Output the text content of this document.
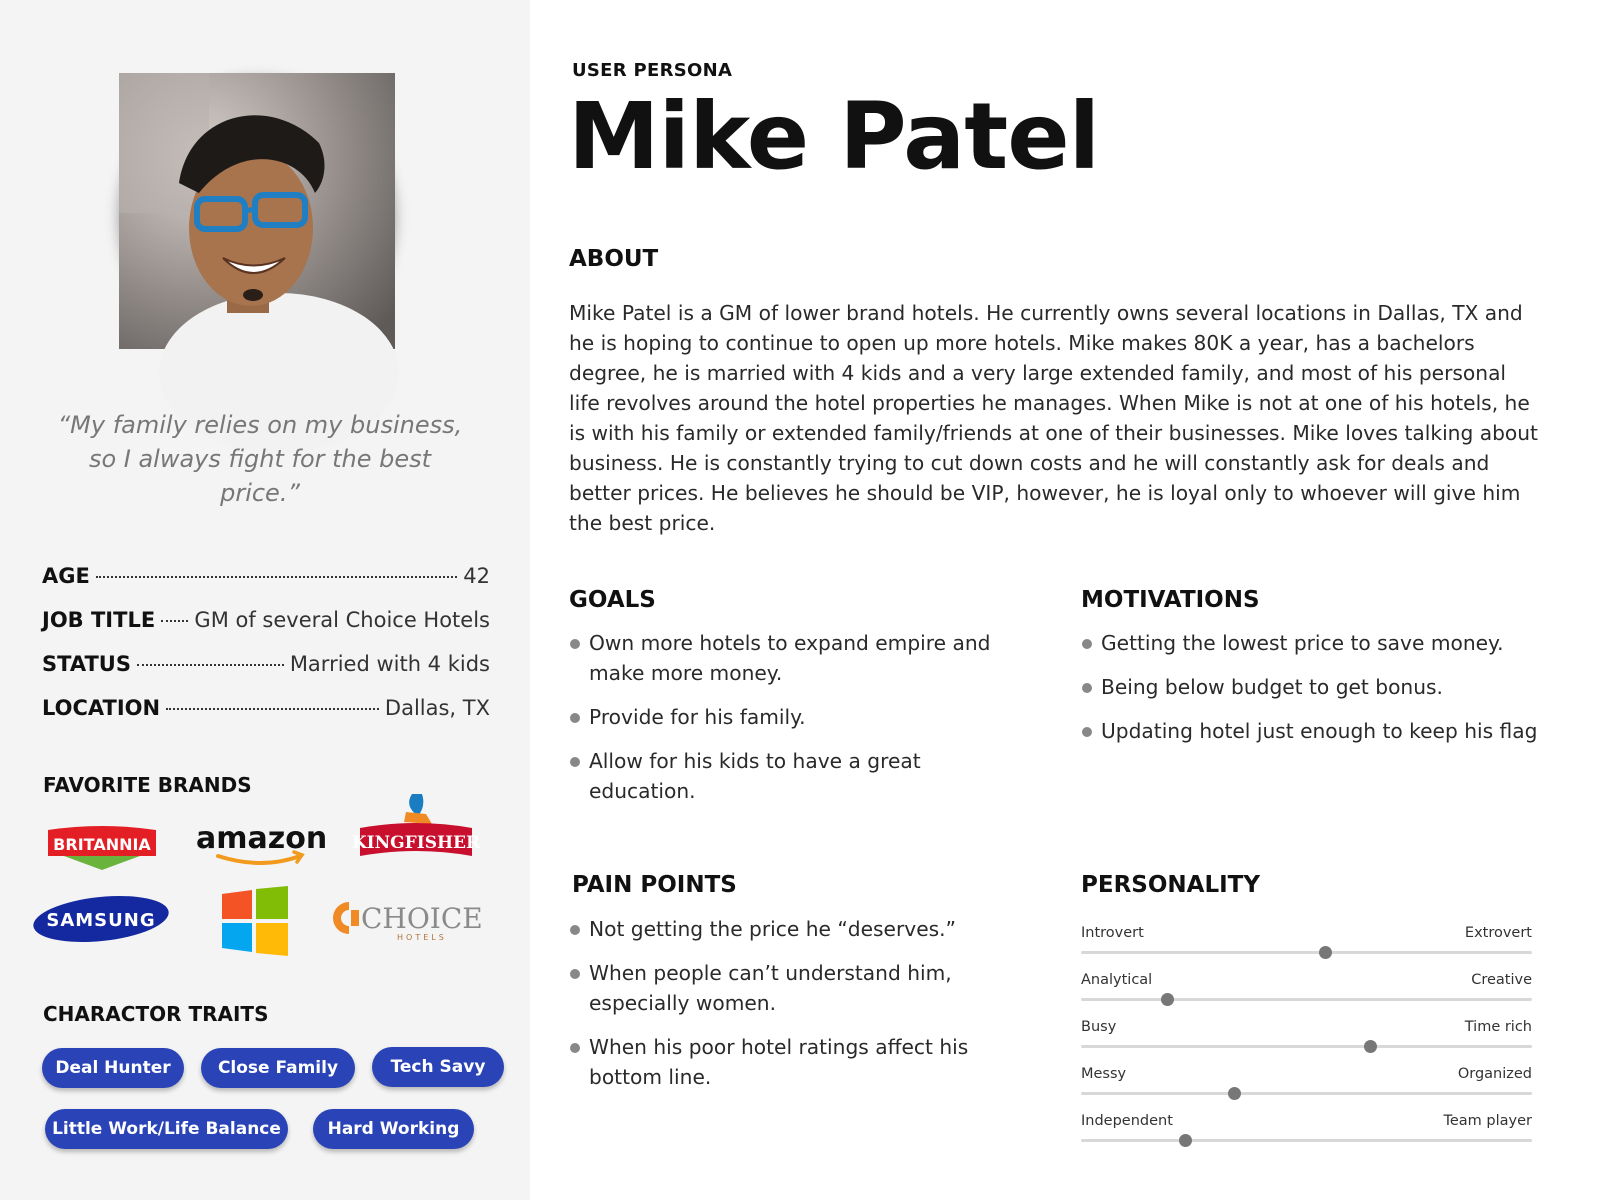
“My family relies on my business, so I always fight for the best price.”

AGE	42
JOB TITLE GM of several Choice Hotels
STATUS	Married with 4 kids
LOCATION	Dallas, TX
FAVORITE BRANDS
BRITANNIA amazon KINGFISHER
SAMSUNG	Windows	CHOICE
HOTELS
CHARACTOR TRAITS
Deal Hunter	Close Family	Tech Savy
Little Work/Life Balance	Hard Working
USER PERSONA
Mike Patel
ABOUT

Mike Patel is a GM of lower brand hotels. He currently owns several locations in Dallas, TX and he is hoping to continue to open up more hotels. Mike makes 80K a year, has a bachelors degree, he is married with 4 kids and a very large extended family, and most of his personal life revolves around the hotel properties he manages. When Mike is not at one of his hotels, he is with his family or extended family/friends at one of their businesses. Mike loves talking about business. He is constantly trying to cut down costs and he will constantly ask for deals and better prices. He believes he should be VIP, however, he is loyal only to whoever will give him the best price.

GOALS
Own more hotels to expand empire and make more money.
Provide for his family.
Allow for his kids to have a great education.
MOTIVATIONS
Getting the lowest price to save money.
Being below budget to get bonus.
Updating hotel just enough to keep his flag
PAIN POINTS
Not getting the price he “deserves.”
When people can’t understand him, especially women.
When his poor hotel ratings affect his bottom line.
PERSONALITY
Introvert	Extrovert
Analytical	Creative
Busy	Time rich
Messy	Organized
Independent	Team player
